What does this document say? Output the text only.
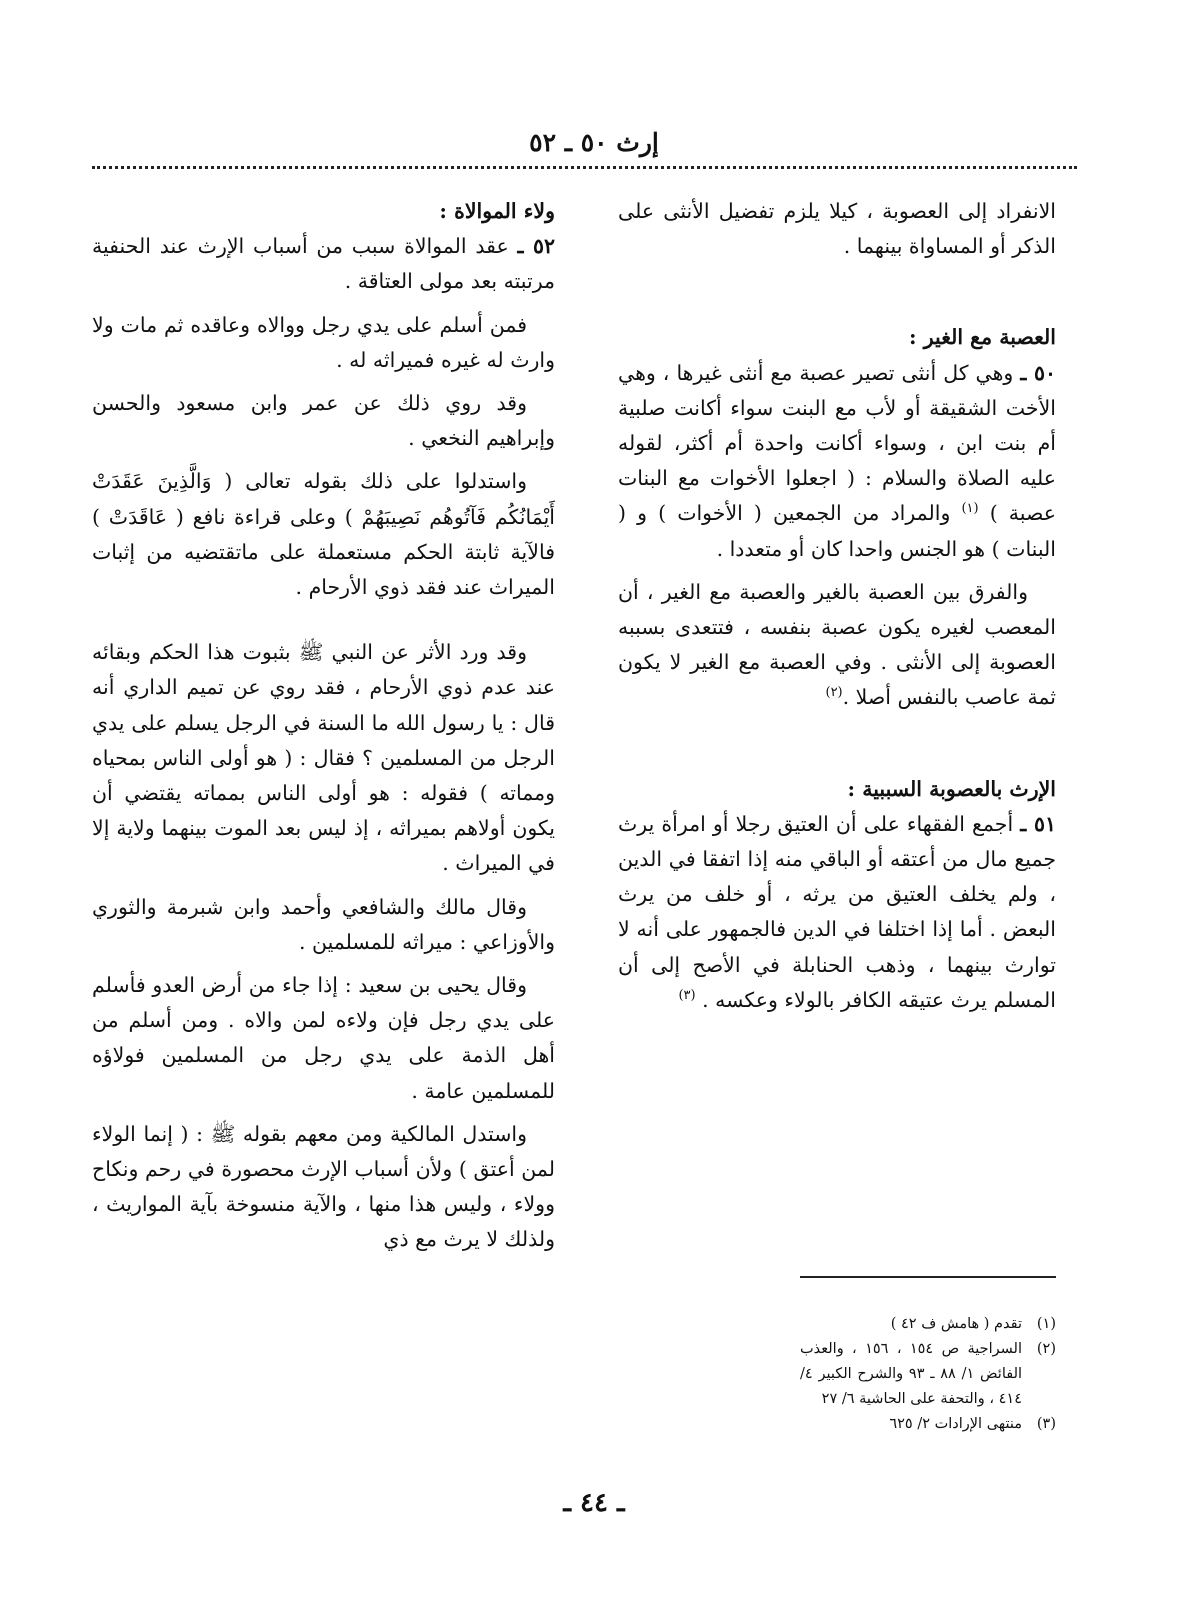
إرث ٥٠ ـ ٥٢

الانفراد إلى العصوبة ، كيلا يلزم تفضيل الأنثى على الذكر أو المساواة بينهما .

العصبة مع الغير :

٥٠ ـ وهي كل أنثى تصير عصبة مع أنثى غيرها ، وهي الأخت الشقيقة أو لأب مع البنت سواء أكانت صلبية أم بنت ابن ، وسواء أكانت واحدة أم أكثر، لقوله عليه الصلاة والسلام : ( اجعلوا الأخوات مع البنات عصبة ) $^{(١)}$ والمراد من الجمعين ( الأخوات ) و ( البنات ) هو الجنس واحدا كان أو متعددا .

والفرق بين العصبة بالغير والعصبة مع الغير ، أن المعصب لغيره يكون عصبة بنفسه ، فتتعدى بسببه العصوبة إلى الأنثى . وفي العصبة مع الغير لا يكون ثمة عاصب بالنفس أصلا .$^{(٢)}$

الإرث بالعصوبة السببية :

٥١ ـ أجمع الفقهاء على أن العتيق رجلا أو امرأة يرث جميع مال من أعتقه أو الباقي منه إذا اتفقا في الدين ، ولم يخلف العتيق من يرثه ، أو خلف من يرث البعض . أما إذا اختلفا في الدين فالجمهور على أنه لا توارث بينهما ، وذهب الحنابلة في الأصح إلى أن المسلم يرث عتيقه الكافر بالولاء وعكسه . $^{(٣)}$

ولاء الموالاة :

٥٢ ـ عقد الموالاة سبب من أسباب الإرث عند الحنفية مرتبته بعد مولى العتاقة .

فمن أسلم على يدي رجل ووالاه وعاقده ثم مات ولا وارث له غيره فميراثه له .

وقد روي ذلك عن عمر وابن مسعود والحسن وإبراهيم النخعي .

واستدلوا على ذلك بقوله تعالى ( وَالَّذِينَ عَقَدَتْ أَيْمَانُكُم فَآتُوهُم نَصِيبَهُمْ ) وعلى قراءة نافع ( عَاقَدَتْ ) فالآية ثابتة الحكم مستعملة على ماتقتضيه من إثبات الميراث عند فقد ذوي الأرحام .

وقد ورد الأثر عن النبي ﷺ بثبوت هذا الحكم وبقائه عند عدم ذوي الأرحام ، فقد روي عن تميم الداري أنه قال : يا رسول الله ما السنة في الرجل يسلم على يدي الرجل من المسلمين ؟ فقال : ( هو أولى الناس بمحياه ومماته ) فقوله : هو أولى الناس بمماته يقتضي أن يكون أولاهم بميراثه ، إذ ليس بعد الموت بينهما ولاية إلا في الميراث .

وقال مالك والشافعي وأحمد وابن شبرمة والثوري والأوزاعي : ميراثه للمسلمين .

وقال يحيى بن سعيد : إذا جاء من أرض العدو فأسلم على يدي رجل فإن ولاءه لمن والاه . ومن أسلم من أهل الذمة على يدي رجل من المسلمين فولاؤه للمسلمين عامة .

واستدل المالكية ومن معهم بقوله ﷺ : ( إنما الولاء لمن أعتق ) ولأن أسباب الإرث محصورة في رحم ونكاح وولاء ، وليس هذا منها ، والآية منسوخة بآية المواريث ، ولذلك لا يرث مع ذي

(١)
تقدم ( هامش ف ٤٢ )
(٢)
السراجية ص ١٥٤ ، ١٥٦ ، والعذب الفائض ١/ ٨٨ ـ ٩٣ والشرح الكبير ٤/ ٤١٤ ، والتحفة على الحاشية ٦/ ٢٧
(٣)
منتهى الإرادات ٢/ ٦٢٥
ـ ٤٤ ـ
